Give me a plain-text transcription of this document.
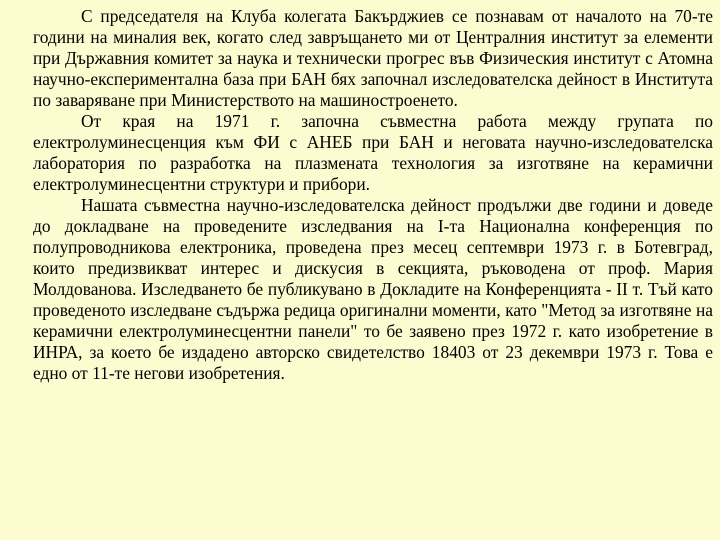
С председателя на Клуба колегата Бакърджиев се познавам от началото на 70-те години на миналия век, когато след завръщането ми от Централния институт за елементи при Държавния комитет за наука и технически прогрес във Физическия институт с Атомна научно-експериментална база при БАН бях започнал изследователска дейност в Института по заваряване при Министерството на машиностроенето.

От края на 1971 г. започна съвместна работа между групата по електролуминесценция към ФИ с АНЕБ при БАН и неговата научно-изследователска лаборатория по разработка на плазмената технология за изготвяне на керамични електролуминесцентни структури и прибори.

Нашата съвместна научно-изследователска дейност продължи две години и доведе до докладване на проведените изследвания на I-та Национална конференция по полупроводникова електроника, проведена през месец септември 1973 г. в Ботевград, които предизвикват интерес и дискусия в секцията, ръководена от проф. Мария Молдованова. Изследването бе публикувано в Докладите на Конференцията - II т. Тъй като проведеното изследване съдържа редица оригинални моменти, като "Метод за изготвяне на керамични електролуминесцентни панели" то бе заявено през 1972 г. като изобретение в ИНРА, за което бе издадено авторско свидетелство 18403 от 23 декември 1973 г. Това е едно от 11-те негови изобретения.
